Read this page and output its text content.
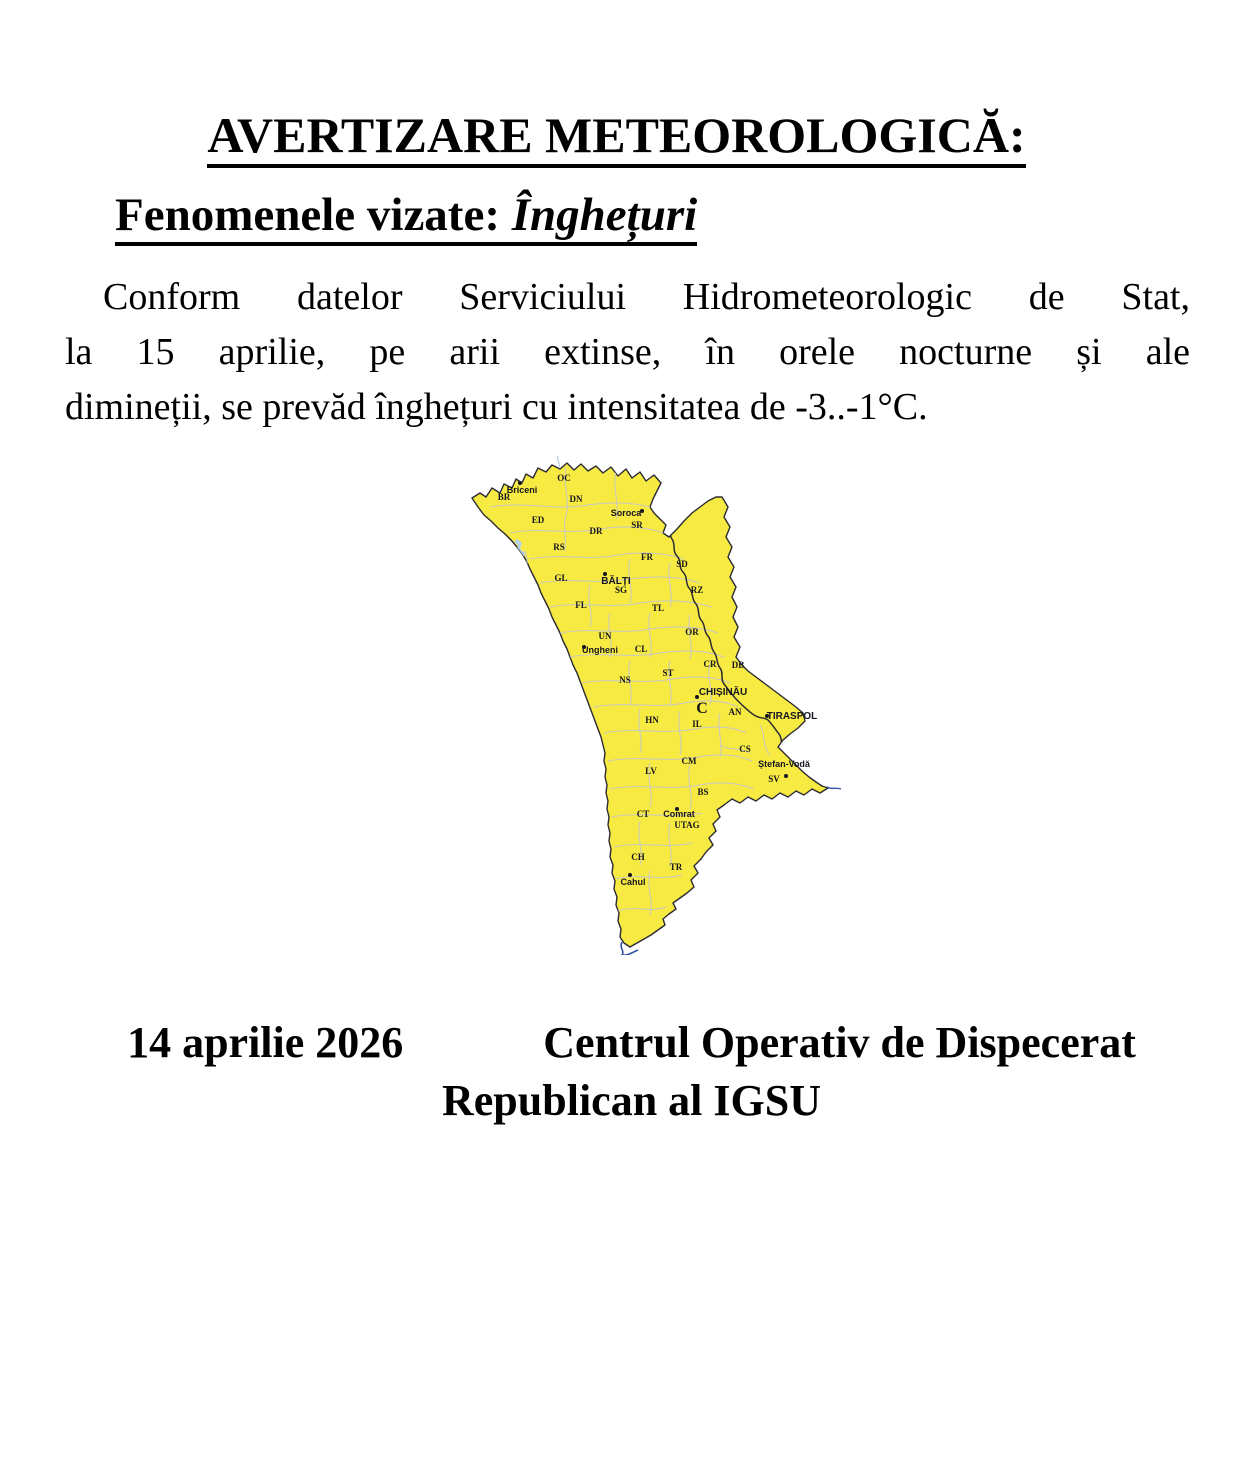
AVERTIZARE METEOROLOGICĂ:
Fenomenele vizate: Înghețuri
Conform datelor Serviciului Hidrometeorologic de Stat,
la 15 aprilie, pe arii extinse, în orele nocturne și ale
dimineții, se prevăd înghețuri cu intensitatea de -3..-1°C.
OC
BR	DN
ED	SR
DR
RS
FR
SD
GL
SG	RZ
FL	TL
UN	OR
CL
CR DB
ST
NS
AN
HN	IL
CS
CM
LV
SV
BS
CT
UTAG
CH
TR
C
Briceni
Soroca
BĂLȚI
Ungheni
CHIȘINĂU
TIRASPOL
Ștefan-Vodă
Comrat
Cahul
14 aprilie 2026	Centrul Operativ de Dispecerat
Republican al IGSU
